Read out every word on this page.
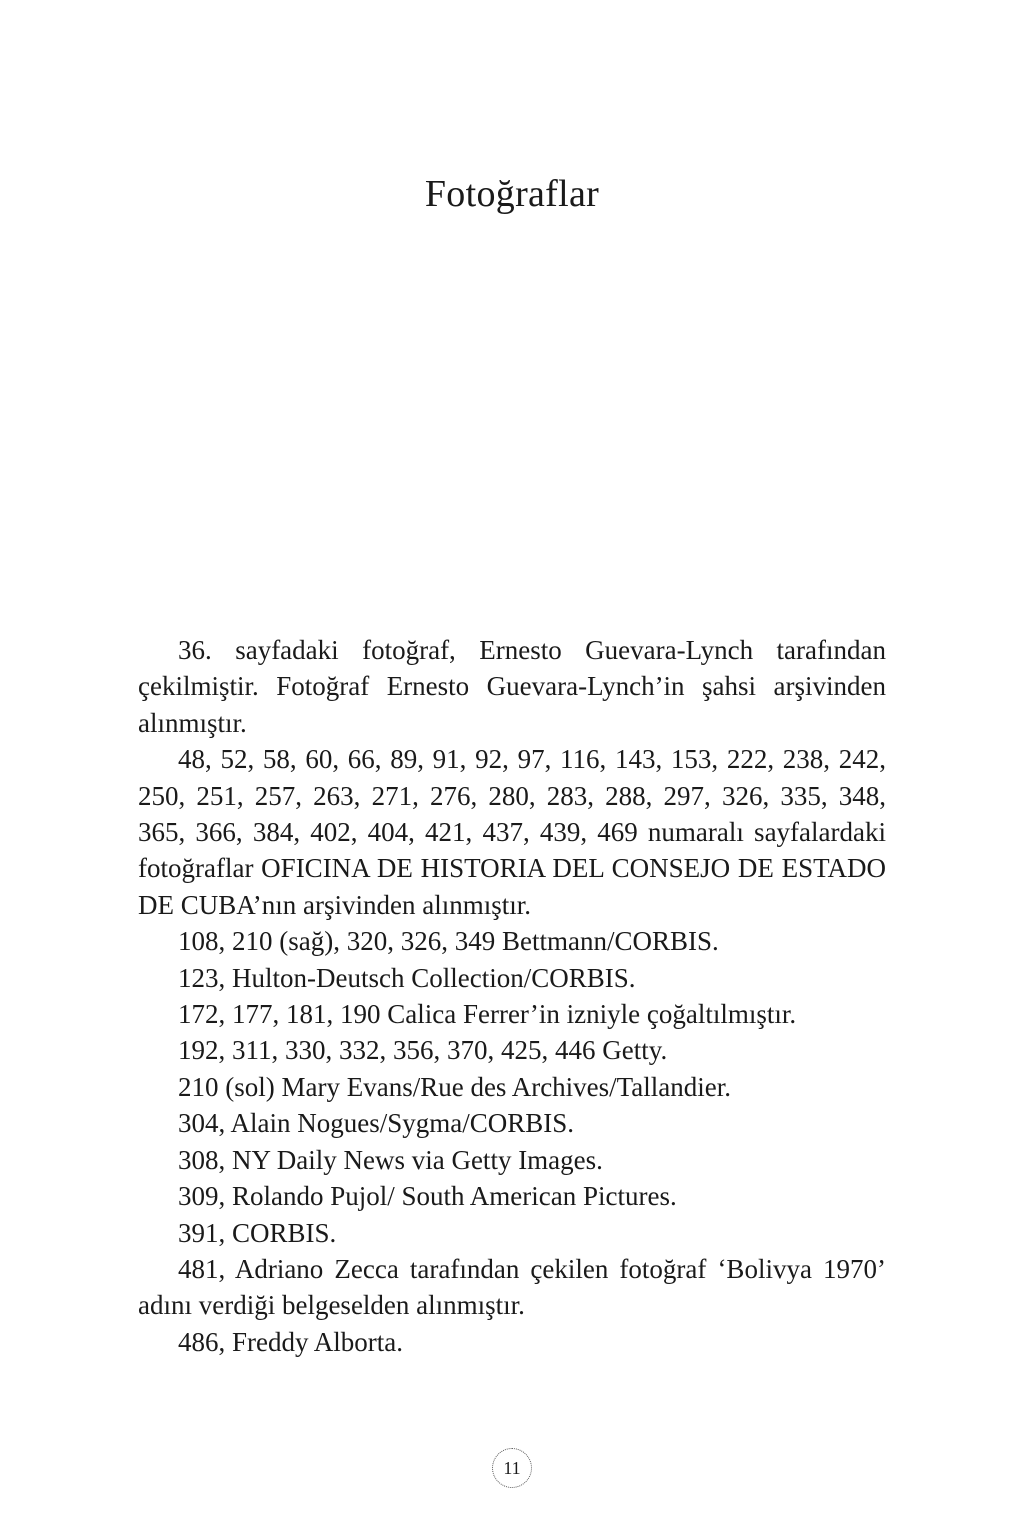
Fotoğraflar

36. sayfadaki fotoğraf, Ernesto Guevara-Lynch tarafından çekilmiştir. Fotoğraf Ernesto Guevara-Lynch’in şahsi arşivinden alınmıştır.

48, 52, 58, 60, 66, 89, 91, 92, 97, 116, 143, 153, 222, 238, 242, 250, 251, 257, 263, 271, 276, 280, 283, 288, 297, 326, 335, 348, 365, 366, 384, 402, 404, 421, 437, 439, 469 numaralı sayfalardaki fotoğraflar OFICINA DE HISTORIA DEL CONSEJO DE ESTADO DE CUBA’nın arşivinden alınmıştır.

108, 210 (sağ), 320, 326, 349 Bettmann/CORBIS.

123, Hulton-Deutsch Collection/CORBIS.

172, 177, 181, 190 Calica Ferrer’in izniyle çoğaltılmıştır.

192, 311, 330, 332, 356, 370, 425, 446 Getty.

210 (sol) Mary Evans/Rue des Archives/Tallandier.

304, Alain Nogues/Sygma/CORBIS.

308, NY Daily News via Getty Images.

309, Rolando Pujol/ South American Pictures.

391, CORBIS.

481, Adriano Zecca tarafından çekilen fotoğraf ‘Bolivya 1970’ adını verdiği belgeselden alınmıştır.

486, Freddy Alborta.

11
